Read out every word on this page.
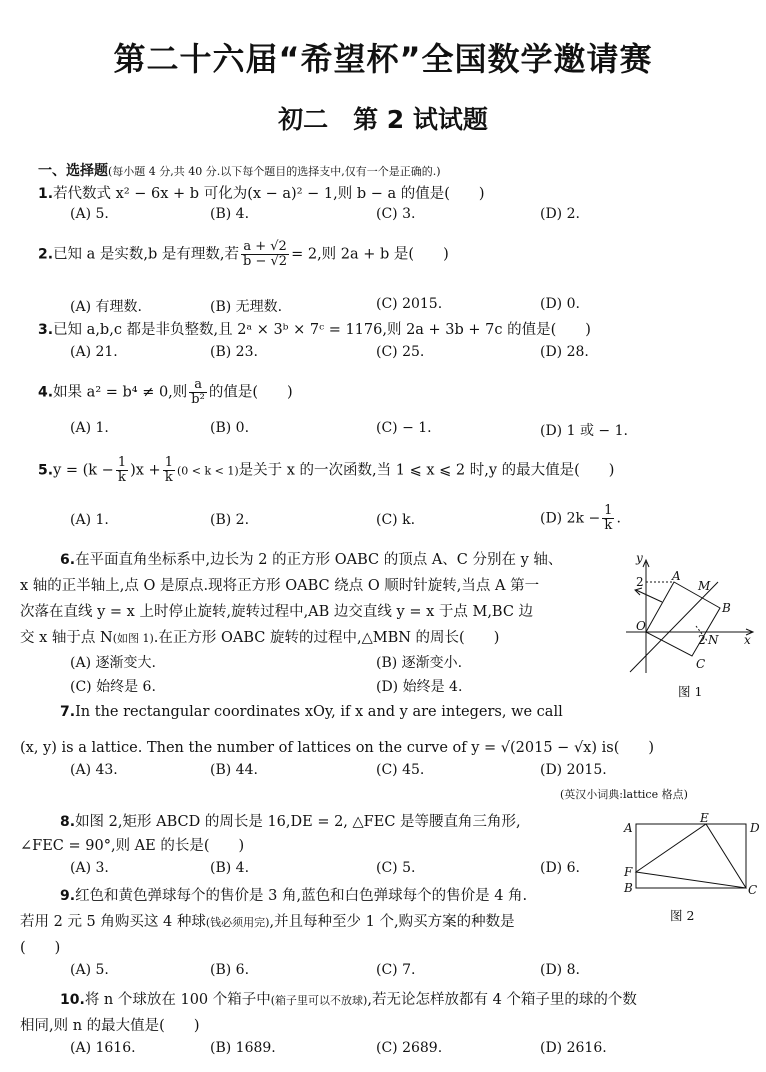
第二十六届“希望杯”全国数学邀请赛
初二　第 2 试试题
一、选择题(每小题 4 分,共 40 分.以下每个题目的选择支中,仅有一个是正确的.)
1.若代数式 x² − 6x + b 可化为(x − a)² − 1,则 b − a 的值是(　　)
(A) 5.	(B) 4.	(C) 3.	(D) 2.
2.已知 a 是实数,b 是有理数,若 $\frac{a + √2}{b - √2} = 2$,则 2a + b 是(　　)
(A) 有理数.	(B) 无理数.	(C) 2015.	(D) 0.
3.已知 a,b,c 都是非负整数,且 2ᵃ × 3ᵇ × 7ᶜ = 1176,则 2a + 3b + 7c 的值是(　　)
(A) 21.	(B) 23.	(C) 25.	(D) 28.
4.如果 a² = b⁴ ≠ 0,则 $\frac{a}{\text{b²}}$ 的值是(　　)
(A) 1.	(B) 0.	(C) − 1.	(D) 1 或 − 1.
$5.y = (k - \frac{1}{k} )x + \frac{1}{k} (0 < k < 1)$是关于 x 的一次函数,当 1 ⩽ x ⩽ 2 时,y 的最大值是(　　)
(A) 1.	(B) 2.	(C) k.	(D) $2k - \frac{1}{k}$ .
6.在平面直角坐标系中,边长为 2 的正方形 OABC 的顶点 A、C 分别在 y 轴、
x 轴的正半轴上,点 O 是原点.现将正方形 OABC 绕点 O 顺时针旋转,当点 A 第一
次落在直线 y = x 上时停止旋转,旋转过程中,AB 边交直线 y = x 于点 M,BC 边
交 x 轴于点 N(如图 1).在正方形 OABC 旋转的过程中,△MBN 的周长(　　)
(A) 逐渐变大.	(B) 逐渐变小.
(C) 始终是 6.	(D) 始终是 4.
y
2 A
M
B
O
2 N x
C
图 1
7.In the rectangular coordinates xOy, if x and y are integers, we call
(x, y) is a lattice. Then the number of lattices on the curve of y = √(2015 − √x) is(　　)
(A) 43.	(B) 44.	(C) 45.	(D) 2015.
(英汉小词典:lattice 格点)
8.如图 2,矩形 ABCD 的周长是 16,DE = 2, △FEC 是等腰直角三角形,
∠FEC = 90°,则 AE 的长是(　　)
(A) 3.	(B) 4.	(C) 5.	(D) 6.
A
E
D
F
B	C
图 2
9.红色和黄色弹球每个的售价是 3 角,蓝色和白色弹球每个的售价是 4 角.
若用 2 元 5 角购买这 4 种球(钱必须用完),并且每种至少 1 个,购买方案的种数是
(　　)
(A) 5.	(B) 6.	(C) 7.	(D) 8.
10.将 n 个球放在 100 个箱子中(箱子里可以不放球),若无论怎样放都有 4 个箱子里的球的个数
相同,则 n 的最大值是(　　)
(A) 1616.	(B) 1689.	(C) 2689.	(D) 2616.
